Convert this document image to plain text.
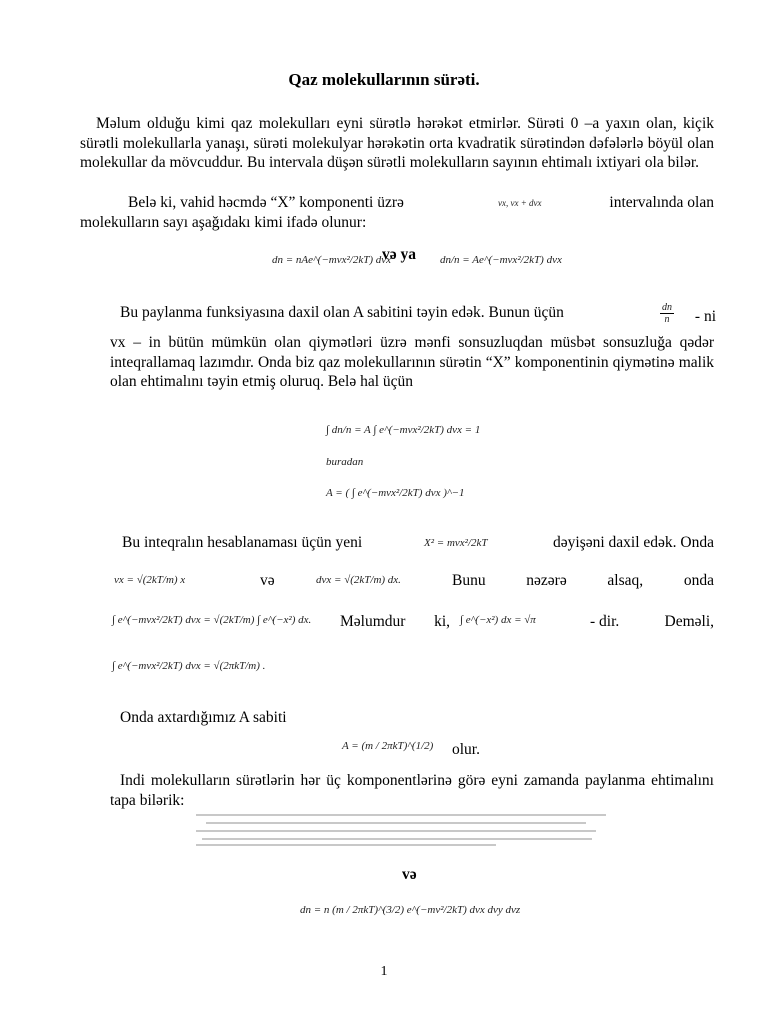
Qaz molekullarının sürəti.

Məlum olduğu kimi qaz molekulları eyni sürətlə hərəkət etmirlər. Sürəti 0 –a yaxın olan, kiçik sürətli molekullarla yanaşı, sürəti molekulyar hərəkətin orta kvadratik sürətindən dəfələrlə böyül olan molekullar da mövcuddur. Bu intervala düşən sürətli molekulların sayının ehtimalı ixtiyari ola bilər.

Belə ki, vahid həcmdə “X” komponenti üzrə	vx, vx + dvx	intervalında olan
molekulların sayı aşağıdakı kimi ifadə olunur:
dn = nAe^(−mvx²/2kT) dvx
və ya dn/n = Ae^(−mvx²/2kT) dvx
Bu paylanma funksiyasına daxil olan A sabitini təyin edək. Bunun üçün	$\frac{dn}{n}$	- ni

vx – in bütün mümkün olan qiymətləri üzrə mənfi sonsuzluqdan müsbət sonsuzluğa qədər inteqrallamaq lazımdır. Onda biz qaz molekullarının sürətin “X” komponentinin qiymətinə malik olan ehtimalını təyin etmiş oluruq. Belə hal üçün

∫ dn/n = A ∫ e^(−mvx²/2kT) dvx = 1
buradan
A = ( ∫ e^(−mvx²/2kT) dvx )^−1
Bu inteqralın hesablanaması üçün yeni	X² = mvx²/2kT	dəyişəni daxil edək. Onda
vx = √(2kT/m) x	və	dvx = √(2kT/m) dx.	Bunu	nəzərə	alsaq,	onda
∫ e^(−mvx²/2kT) dvx = √(2kT/m) ∫ e^(−x²) dx. Məlumdur ki, ∫ e^(−x²) dx = √π	- dir.	Deməli,
∫ e^(−mvx²/2kT) dvx = √(2πkT/m) .
Onda axtardığımız A sabiti
A = (m / 2πkT)^(1/2) olur.

Indi molekulların sürətlərin hər üç komponentlərinə görə eyni zamanda paylanma ehtimalını tapa bilərik:

və
dn = n (m / 2πkT)^(3/2) e^(−mv²/2kT) dvx dvy dvz
1
